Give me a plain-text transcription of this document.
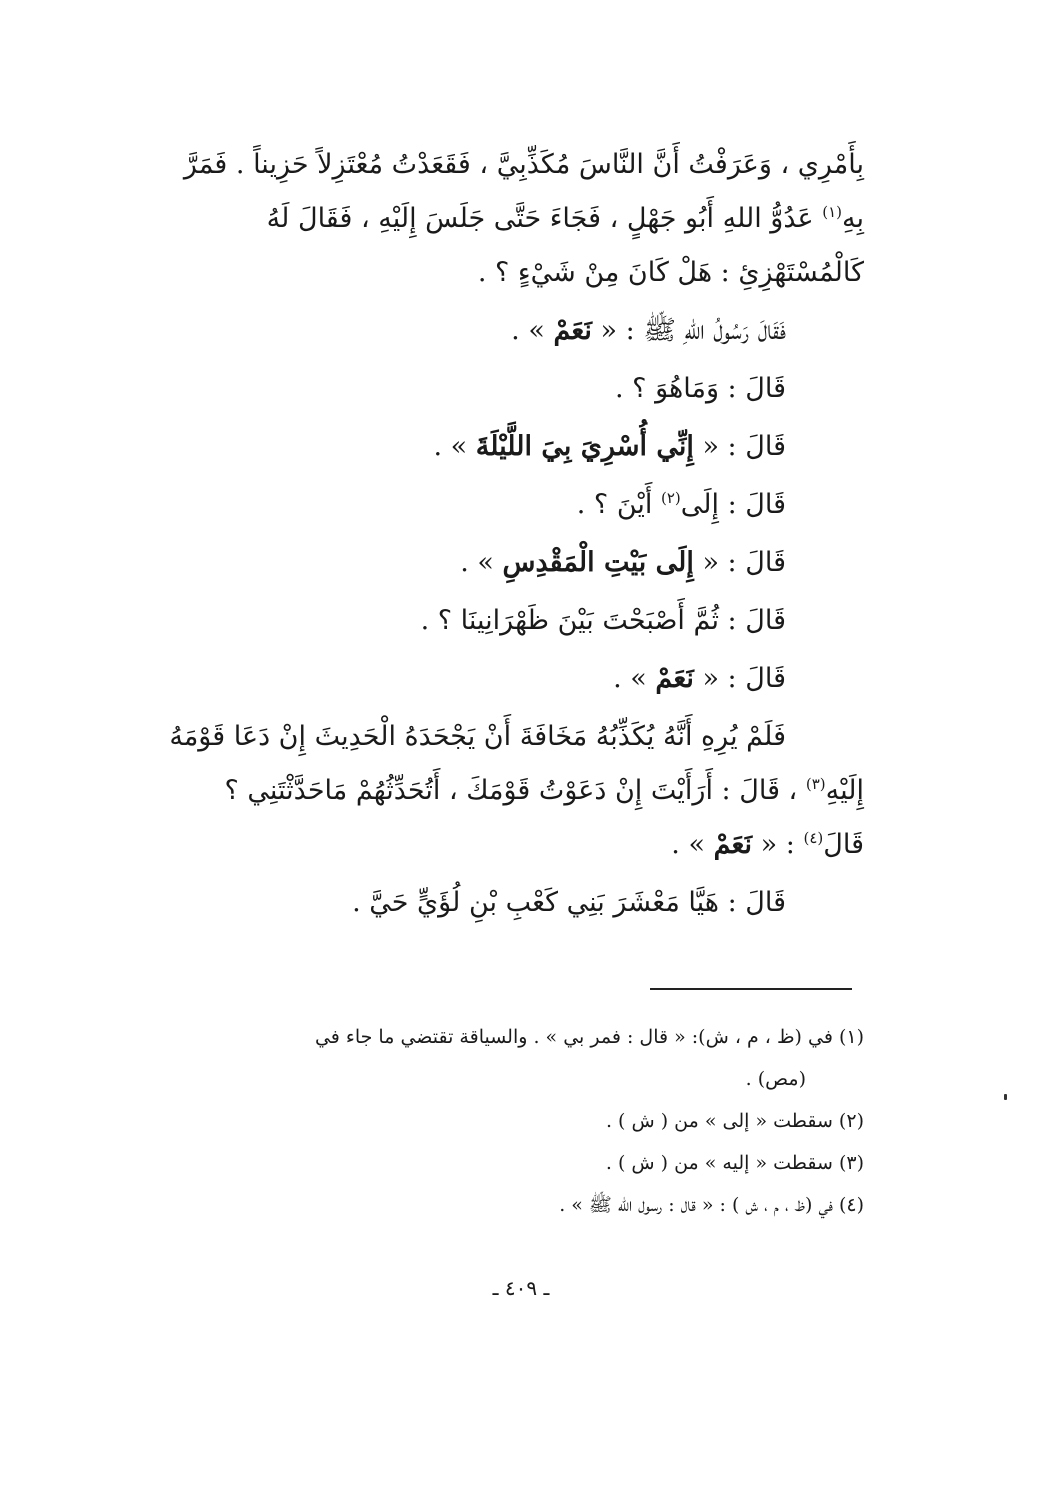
بِأَمْرِي ، وَعَرَفْتُ أَنَّ النَّاسَ مُكَذِّبِيَّ ، فَقَعَدْتُ مُعْتَزِلاً حَزِيناً . فَمَرَّ
بِهِ$^{(١)}$ عَدُوُّ اللهِ أَبُو جَهْلٍ ، فَجَاءَ حَتَّى جَلَسَ إِلَيْهِ ، فَقَالَ لَهُ
كَالْمُسْتَهْزِئِ : هَلْ كَانَ مِنْ شَيْءٍ ؟ .

فَقَالَ رَسُولُ اللهِ ﷺ : « نَعَمْ » .

قَالَ : وَمَاهُوَ ؟ .

قَالَ : « إِنِّي أُسْرِيَ بِيَ اللَّيْلَةَ » .

قَالَ : إِلَى$^{(٢)}$ أَيْنَ ؟ .

قَالَ : « إِلَى بَيْتِ الْمَقْدِسِ » .

قَالَ : ثُمَّ أَصْبَحْتَ بَيْنَ ظَهْرَانِينَا ؟ .

قَالَ : « نَعَمْ » .

فَلَمْ يُرِهِ أَنَّهُ يُكَذِّبُهُ مَخَافَةَ أَنْ يَجْحَدَهُ الْحَدِيثَ إِنْ دَعَا قَوْمَهُ
إِلَيْهِ$^{(٣)}$ ، قَالَ : أَرَأَيْتَ إِنْ دَعَوْتُ قَوْمَكَ ، أَتُحَدِّثُهُمْ مَاحَدَّثْتَنِي ؟
قَالَ$^{(٤)}$ : « نَعَمْ » .

قَالَ : هَيَّا مَعْشَرَ بَنِي كَعْبِ بْنِ لُؤَيٍّ حَيَّ .

(١) في (ظ ، م ، ش): « قال : فمر بي » . والسياقة تقتضي ما جاء في
(مص) .
(٢) سقطت « إلى » من ( ش ) .
(٣) سقطت « إليه » من ( ش ) .
(٤) في (ظ ، م ، ش ) : « قال : رسول الله ﷺ » .
ـ ٤٠٩ ـ
